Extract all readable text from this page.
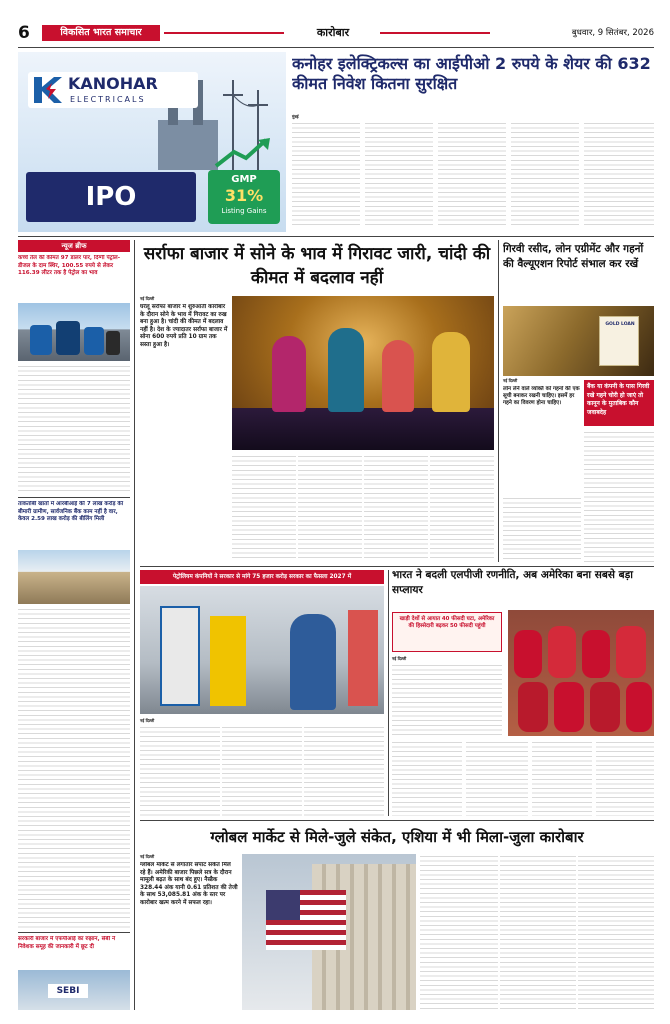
6	विकसित भारत समाचार	कारोबार	बुधवार, 9 सितंबर, 2026
KANOHAR
ELECTRICALS
IPO
GMP
31%
Listing Gains
कनोहर इलेक्ट्रिकल्स का आईपीओ 2 रुपये के शेयर की 632 कीमत निवेश कितना सुरक्षित
मुंबई
न्यूज ब्रीफ
कच्चे तेल की कीमत 97 डालर पार, दिग्गी पेट्रोल-डीजल के दाम स्थिर, 100.55 रुपये से लेकर 116.39 लीटर तक है पेट्रोल का भाव
ताकतोबी खातों में आरबीआई की 7 लाख करोड़ की बीमारी ग्रामीण, सार्वजनिक बैंक काम नहीं है वार, केवल 2.59 लाख करोड़ की बीलिंग मिली
सरकारी बाजार में एफपीआई का रुझान, सेबी ने निवेशक समूह की जानकारी में छूट दी
SEBI
सर्राफा बाजार में सोने के भाव में गिरावट जारी, चांदी की कीमत में बदलाव नहीं
नई दिल्ली
घरेलू सर्राफा बाजार में शुरुआती कारोबार के दौरान सोने के भाव में गिरावट का रुख बना हुआ है। चांदी की कीमत में बदलाव नहीं है। देश के ज्यादातर सर्राफा बाजार में सोना 600 रुपये प्रति 10 ग्राम तक सस्ता हुआ है।
गिरवी रसीद, लोन एग्रीमेंट और गहनों की वैल्यूएशन रिपोर्ट संभाल कर रखें
GOLD LOAN
नई दिल्ली
बैंक या कंपनी के पास गिरवी रखे गहने चोरी हो जाएं तो कानून के मुताबिक कौन जवाबदेह
लोन लेने वाले व्यक्ति को गहनों की एक सूची बनाकर रखनी चाहिए। इसमें हर गहने का विवरण होना चाहिए।
पेट्रोलियम कंपनियों ने सरकार से मांगे 75 हजार करोड़ सरकार का फैसला 2027 में
नई दिल्ली
भारत ने बदली एलपीजी रणनीति, अब अमेरिका बना सबसे बड़ा सप्लायर
खाड़ी देशों से आयात 40 फीसदी घटा, अमेरिका की हिस्सेदारी बढ़कर 50 फीसदी पहुंची
नई दिल्ली
ग्लोबल मार्केट से मिले-जुले संकेत, एशिया में भी मिला-जुला कारोबार
नई दिल्ली
ग्लोबल मार्केट से लगातार सपाट संकेत मिल रहे हैं। अमेरिकी बाजार पिछले सत्र के दौरान मामूली बढ़त के साथ बंद हुए। नैस्डैक 328.44 अंक यानी 0.61 प्रतिशत की तेजी के साथ 53,085.81 अंक के स्तर पर कारोबार खत्म करने में सफल रहा।
